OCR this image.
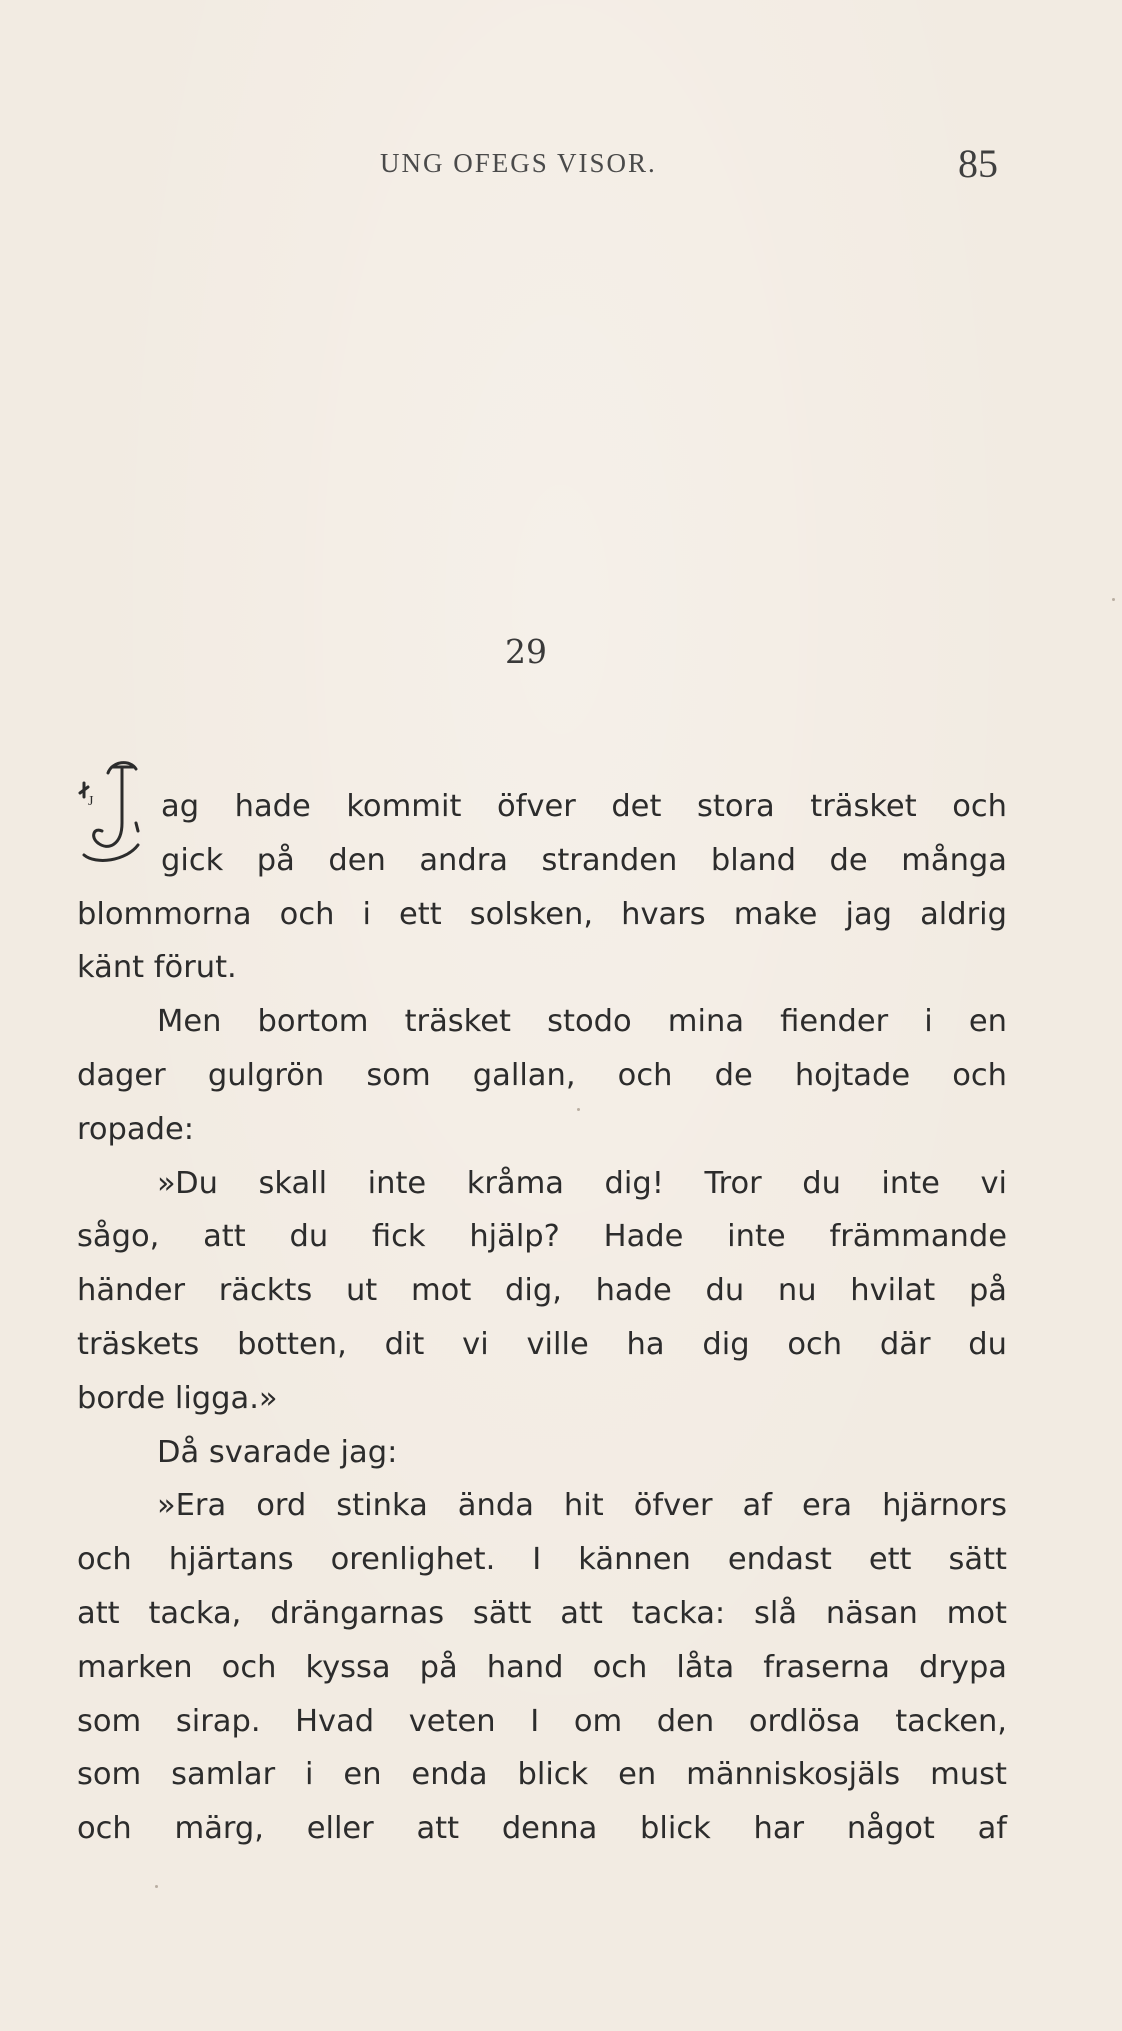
UNG OFEGS VISOR.	85
29
J	ag hade kommit öfver det stora träsket och
gick på den andra stranden bland de många
blommorna och i ett solsken, hvars make jag aldrig
känt förut.
Men bortom träsket stodo mina fiender i en
dager gulgrön som gallan, och de hojtade och
ropade:
»Du skall inte kråma dig! Tror du inte vi
sågo, att du fick hjälp? Hade inte främmande
händer räckts ut mot dig, hade du nu hvilat på
träskets botten, dit vi ville ha dig och där du
borde ligga.»
Då svarade jag:
»Era ord stinka ända hit öfver af era hjärnors
och hjärtans orenlighet. I kännen endast ett sätt
att tacka, drängarnas sätt att tacka: slå näsan mot
marken och kyssa på hand och låta fraserna drypa
som sirap. Hvad veten I om den ordlösa tacken,
som samlar i en enda blick en människosjäls must
och märg, eller att denna blick har något af
